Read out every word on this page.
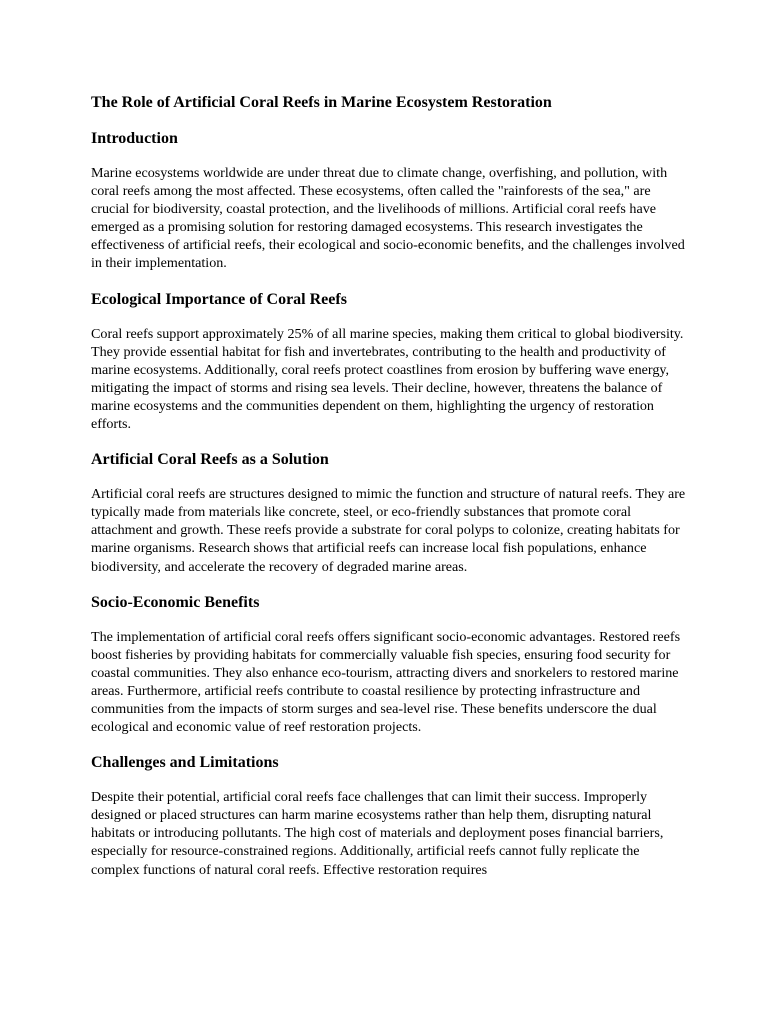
The Role of Artificial Coral Reefs in Marine Ecosystem Restoration
Introduction
Marine ecosystems worldwide are under threat due to climate change, overfishing, and pollution, with coral reefs among the most affected. These ecosystems, often called the "rainforests of the sea," are crucial for biodiversity, coastal protection, and the livelihoods of millions. Artificial coral reefs have emerged as a promising solution for restoring damaged ecosystems. This research investigates the effectiveness of artificial reefs, their ecological and socio-economic benefits, and the challenges involved in their implementation.
Ecological Importance of Coral Reefs
Coral reefs support approximately 25% of all marine species, making them critical to global biodiversity. They provide essential habitat for fish and invertebrates, contributing to the health and productivity of marine ecosystems. Additionally, coral reefs protect coastlines from erosion by buffering wave energy, mitigating the impact of storms and rising sea levels. Their decline, however, threatens the balance of marine ecosystems and the communities dependent on them, highlighting the urgency of restoration efforts.
Artificial Coral Reefs as a Solution
Artificial coral reefs are structures designed to mimic the function and structure of natural reefs. They are typically made from materials like concrete, steel, or eco-friendly substances that promote coral attachment and growth. These reefs provide a substrate for coral polyps to colonize, creating habitats for marine organisms. Research shows that artificial reefs can increase local fish populations, enhance biodiversity, and accelerate the recovery of degraded marine areas.
Socio-Economic Benefits
The implementation of artificial coral reefs offers significant socio-economic advantages. Restored reefs boost fisheries by providing habitats for commercially valuable fish species, ensuring food security for coastal communities. They also enhance eco-tourism, attracting divers and snorkelers to restored marine areas. Furthermore, artificial reefs contribute to coastal resilience by protecting infrastructure and communities from the impacts of storm surges and sea-level rise. These benefits underscore the dual ecological and economic value of reef restoration projects.
Challenges and Limitations
Despite their potential, artificial coral reefs face challenges that can limit their success. Improperly designed or placed structures can harm marine ecosystems rather than help them, disrupting natural habitats or introducing pollutants. The high cost of materials and deployment poses financial barriers, especially for resource-constrained regions. Additionally, artificial reefs cannot fully replicate the complex functions of natural coral reefs. Effective restoration requires
